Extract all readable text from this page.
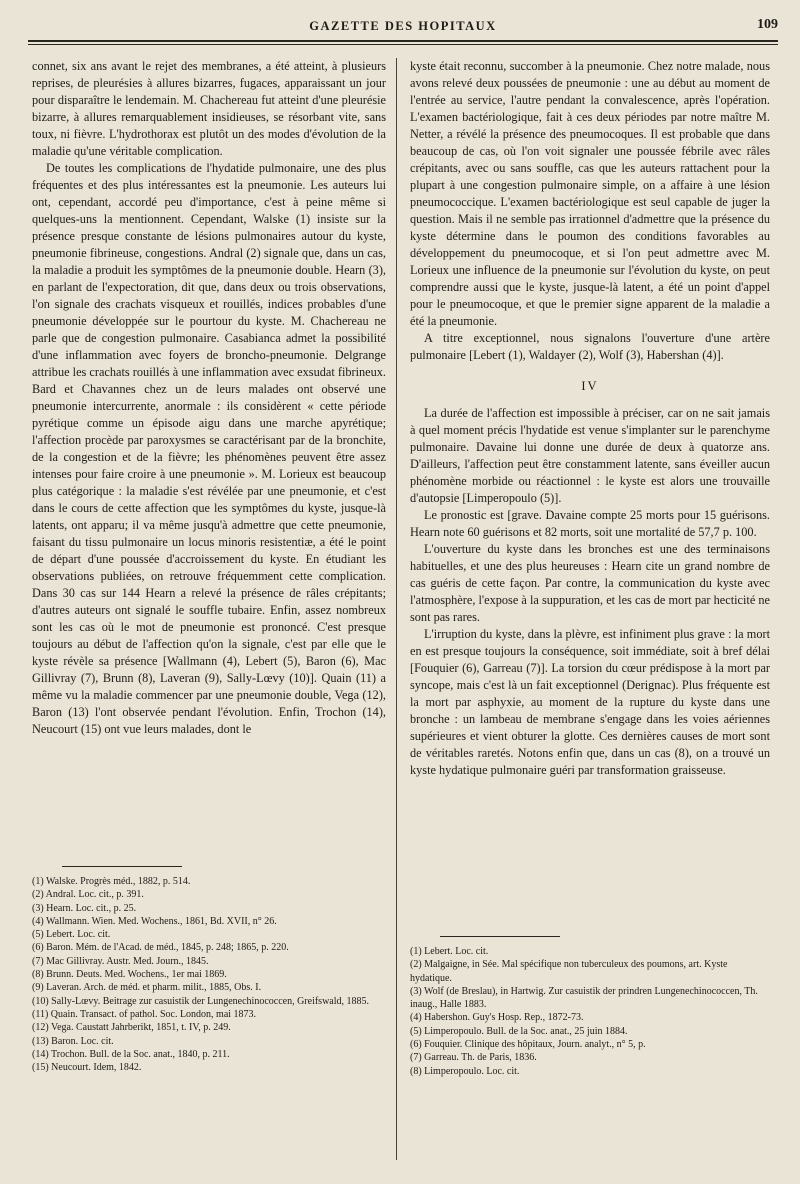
GAZETTE DES HOPITAUX	109

connet, six ans avant le rejet des membranes, a été atteint, à plusieurs reprises, de pleurésies à allures bizarres, fugaces, apparaissant un jour pour disparaître le lendemain. M. Chachereau fut atteint d'une pleurésie bizarre, à allures remarquablement insidieuses, se résorbant vite, sans toux, ni fièvre. L'hydrothorax est plutôt un des modes d'évolution de la maladie qu'une véritable complication.

De toutes les complications de l'hydatide pulmonaire, une des plus fréquentes et des plus intéressantes est la pneumonie. Les auteurs lui ont, cependant, accordé peu d'importance, c'est à peine même si quelques-uns la mentionnent. Cependant, Walske (1) insiste sur la présence presque constante de lésions pulmonaires autour du kyste, pneumonie fibrineuse, congestions. Andral (2) signale que, dans un cas, la maladie a produit les symptômes de la pneumonie double. Hearn (3), en parlant de l'expectoration, dit que, dans deux ou trois observations, l'on signale des crachats visqueux et rouillés, indices probables d'une pneumonie développée sur le pourtour du kyste. M. Chachereau ne parle que de congestion pulmonaire. Casabianca admet la possibilité d'une inflammation avec foyers de broncho-pneumonie. Delgrange attribue les crachats rouillés à une inflammation avec exsudat fibrineux. Bard et Chavannes chez un de leurs malades ont observé une pneumonie intercurrente, anormale : ils considèrent « cette période pyrétique comme un épisode aigu dans une marche apyrétique; l'affection procède par paroxysmes se caractérisant par de la bronchite, de la congestion et de la fièvre; les phénomènes peuvent être assez intenses pour faire croire à une pneumonie ». M. Lorieux est beaucoup plus catégorique : la maladie s'est révélée par une pneumonie, et c'est dans le cours de cette affection que les symptômes du kyste, jusque-là latents, ont apparu; il va même jusqu'à admettre que cette pneumonie, faisant du tissu pulmonaire un locus minoris resistentiæ, a été le point de départ d'une poussée d'accroissement du kyste. En étudiant les observations publiées, on retrouve fréquemment cette complication. Dans 30 cas sur 144 Hearn a relevé la présence de râles crépitants; d'autres auteurs ont signalé le souffle tubaire. Enfin, assez nombreux sont les cas où le mot de pneumonie est prononcé. C'est presque toujours au début de l'affection qu'on la signale, c'est par elle que le kyste révèle sa présence [Wallmann (4), Lebert (5), Baron (6), Mac Gillivray (7), Brunn (8), Laveran (9), Sally-Lœvy (10)]. Quain (11) a même vu la maladie commencer par une pneumonie double, Vega (12), Baron (13) l'ont observée pendant l'évolution. Enfin, Trochon (14), Neucourt (15) ont vue leurs malades, dont le

(1) Walske. Progrès méd., 1882, p. 514.

(2) Andral. Loc. cit., p. 391.

(3) Hearn. Loc. cit., p. 25.

(4) Wallmann. Wien. Med. Wochens., 1861, Bd. XVII, n° 26.

(5) Lebert. Loc. cit.

(6) Baron. Mém. de l'Acad. de méd., 1845, p. 248; 1865, p. 220.

(7) Mac Gillivray. Austr. Med. Journ., 1845.

(8) Brunn. Deuts. Med. Wochens., 1er mai 1869.

(9) Laveran. Arch. de méd. et pharm. milit., 1885, Obs. I.

(10) Sally-Lœvy. Beitrage zur casuistik der Lungenechinococcen, Greifswald, 1885.

(11) Quain. Transact. of pathol. Soc. London, mai 1873.

(12) Vega. Caustatt Jahrberikt, 1851, t. IV, p. 249.

(13) Baron. Loc. cit.

(14) Trochon. Bull. de la Soc. anat., 1840, p. 211.

(15) Neucourt. Idem, 1842.

kyste était reconnu, succomber à la pneumonie. Chez notre malade, nous avons relevé deux poussées de pneumonie : une au début au moment de l'entrée au service, l'autre pendant la convalescence, après l'opération. L'examen bactériologique, fait à ces deux périodes par notre maître M. Netter, a révélé la présence des pneumocoques. Il est probable que dans beaucoup de cas, où l'on voit signaler une poussée fébrile avec râles crépitants, avec ou sans souffle, cas que les auteurs rattachent pour la plupart à une congestion pulmonaire simple, on a affaire à une lésion pneumococcique. L'examen bactériologique est seul capable de juger la question. Mais il ne semble pas irrationnel d'admettre que la présence du kyste détermine dans le poumon des conditions favorables au développement du pneumocoque, et si l'on peut admettre avec M. Lorieux une influence de la pneumonie sur l'évolution du kyste, on peut comprendre aussi que le kyste, jusque-là latent, a été un point d'appel pour le pneumocoque, et que le premier signe apparent de la maladie a été la pneumonie.

A titre exceptionnel, nous signalons l'ouverture d'une artère pulmonaire [Lebert (1), Waldayer (2), Wolf (3), Habershan (4)].

IV

La durée de l'affection est impossible à préciser, car on ne sait jamais à quel moment précis l'hydatide est venue s'implanter sur le parenchyme pulmonaire. Davaine lui donne une durée de deux à quatorze ans. D'ailleurs, l'affection peut être constamment latente, sans éveiller aucun phénomène morbide ou réactionnel : le kyste est alors une trouvaille d'autopsie [Limperopoulo (5)].

Le pronostic est [grave. Davaine compte 25 morts pour 15 guérisons. Hearn note 60 guérisons et 82 morts, soit une mortalité de 57,7 p. 100.

L'ouverture du kyste dans les bronches est une des terminaisons habituelles, et une des plus heureuses : Hearn cite un grand nombre de cas guéris de cette façon. Par contre, la communication du kyste avec l'atmosphère, l'expose à la suppuration, et les cas de mort par hecticité ne sont pas rares.

L'irruption du kyste, dans la plèvre, est infiniment plus grave : la mort en est presque toujours la conséquence, soit immédiate, soit à bref délai [Fouquier (6), Garreau (7)]. La torsion du cœur prédispose à la mort par syncope, mais c'est là un fait exceptionnel (Derignac). Plus fréquente est la mort par asphyxie, au moment de la rupture du kyste dans une bronche : un lambeau de membrane s'engage dans les voies aériennes supérieures et vient obturer la glotte. Ces dernières causes de mort sont de véritables raretés. Notons enfin que, dans un cas (8), on a trouvé un kyste hydatique pulmonaire guéri par transformation graisseuse.

(1) Lebert. Loc. cit.

(2) Malgaigne, in Sée. Mal spécifique non tuberculeux des poumons, art. Kyste hydatique.

(3) Wolf (de Breslau), in Hartwig. Zur casuistik der prindren Lungenechinococcen, Th. inaug., Halle 1883.

(4) Habershon. Guy's Hosp. Rep., 1872-73.

(5) Limperopoulo. Bull. de la Soc. anat., 25 juin 1884.

(6) Fouquier. Clinique des hôpitaux, Journ. analyt., n° 5, p.

(7) Garreau. Th. de Paris, 1836.

(8) Limperopoulo. Loc. cit.
